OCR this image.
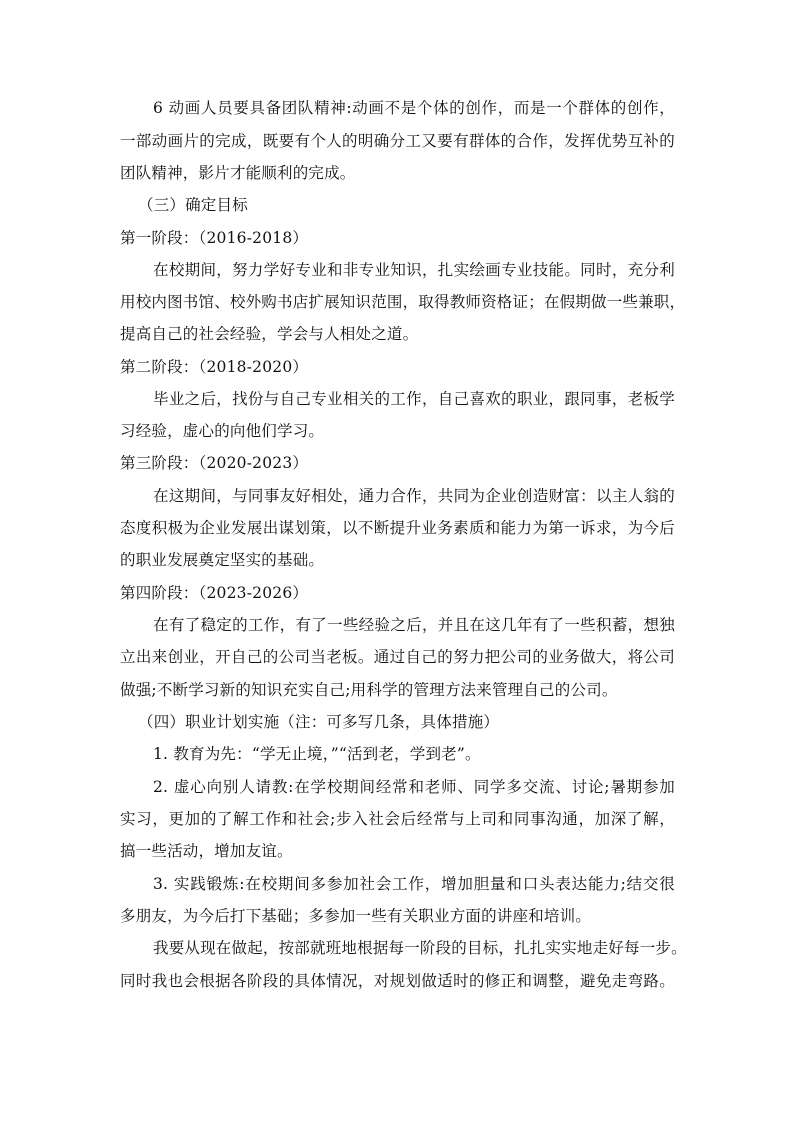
6 动画人员要具备团队精神:动画不是个体的创作，而是一个群体的创作，
一部动画片的完成，既要有个人的明确分工又要有群体的合作，发挥优势互补的
团队精神，影片才能顺利的完成。
（三）确定目标
第一阶段：（2016-2018）
在校期间，努力学好专业和非专业知识，扎实绘画专业技能。同时，充分利
用校内图书馆、校外购书店扩展知识范围，取得教师资格证；在假期做一些兼职，
提高自己的社会经验，学会与人相处之道。
第二阶段：（2018-2020）
毕业之后，找份与自己专业相关的工作，自己喜欢的职业，跟同事，老板学
习经验，虚心的向他们学习。
第三阶段：（2020-2023）
在这期间，与同事友好相处，通力合作，共同为企业创造财富：以主人翁的
态度积极为企业发展出谋划策，以不断提升业务素质和能力为第一诉求，为今后
的职业发展奠定坚实的基础。
第四阶段：（2023-2026）
在有了稳定的工作，有了一些经验之后，并且在这几年有了一些积蓄，想独
立出来创业，开自己的公司当老板。通过自己的努力把公司的业务做大，将公司
做强;不断学习新的知识充实自己;用科学的管理方法来管理自己的公司。
（四）职业计划实施（注：可多写几条，具体措施）
1. 教育为先：“学无止境，”“活到老，学到老”。
2. 虚心向别人请教:在学校期间经常和老师、同学多交流、讨论;暑期参加
实习，更加的了解工作和社会;步入社会后经常与上司和同事沟通，加深了解，
搞一些活动，增加友谊。
3. 实践锻炼:在校期间多参加社会工作，增加胆量和口头表达能力;结交很
多朋友，为今后打下基础；多参加一些有关职业方面的讲座和培训。
我要从现在做起，按部就班地根据每一阶段的目标，扎扎实实地走好每一步。
同时我也会根据各阶段的具体情况，对规划做适时的修正和调整，避免走弯路。
